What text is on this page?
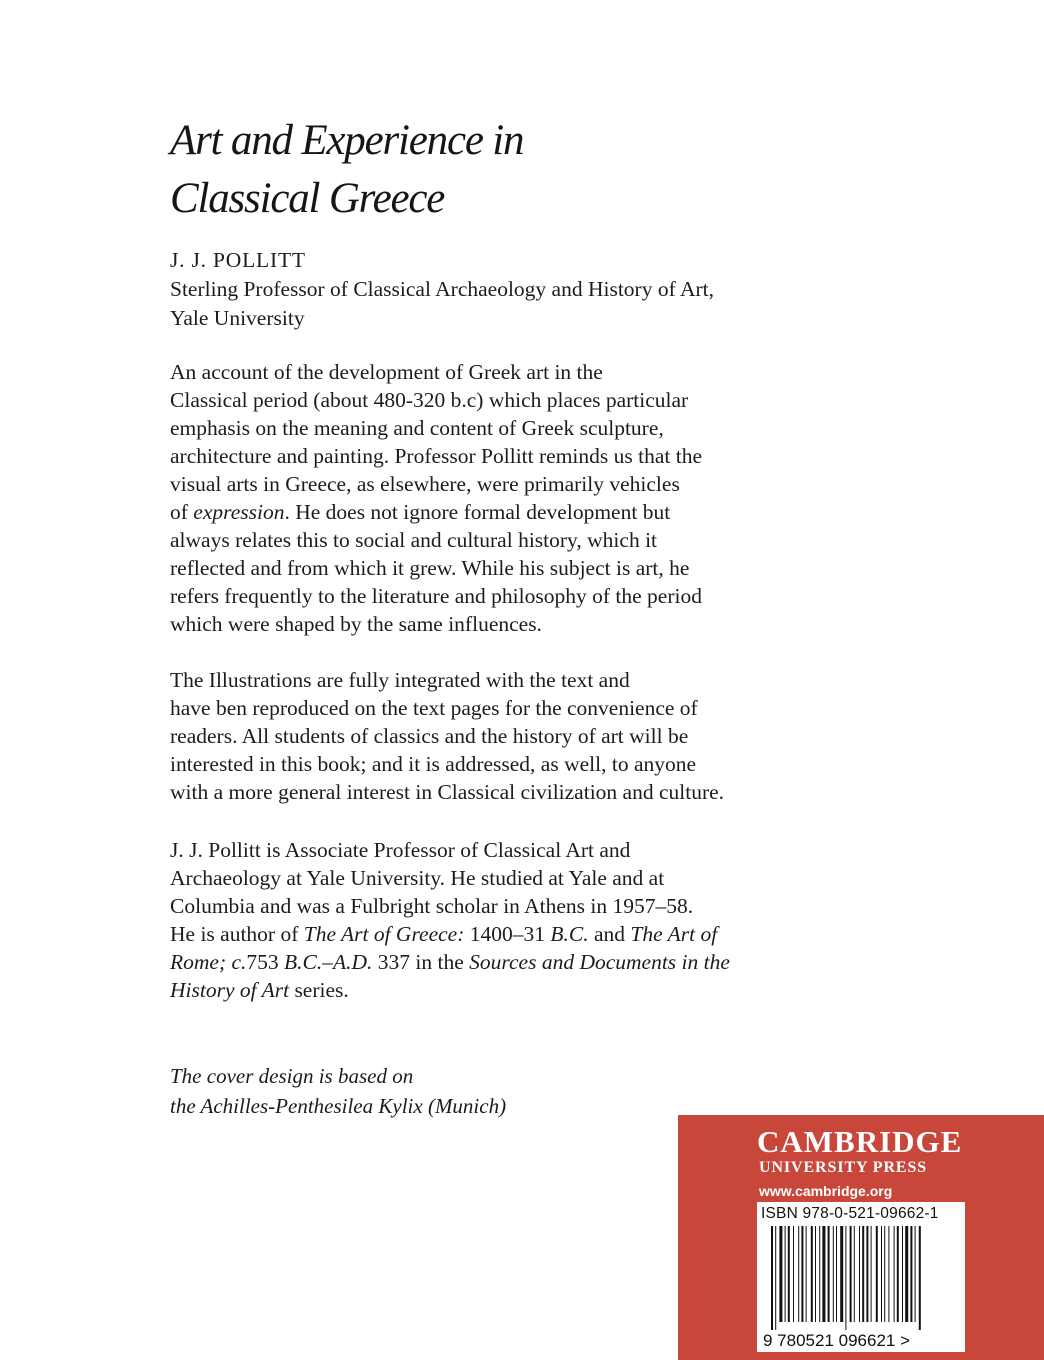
Art and Experience in
Classical Greece
J. J. POLLITT
Sterling Professor of Classical Archaeology and History of Art,
Yale University
An account of the development of Greek art in the
Classical period (about 480-320 b.c) which places particular
emphasis on the meaning and content of Greek sculpture,
architecture and painting. Professor Pollitt reminds us that the
visual arts in Greece, as elsewhere, were primarily vehicles
of expression. He does not ignore formal development but
always relates this to social and cultural history, which it
reflected and from which it grew. While his subject is art, he
refers frequently to the literature and philosophy of the period
which were shaped by the same influences.
The Illustrations are fully integrated with the text and
have ben reproduced on the text pages for the convenience of
readers. All students of classics and the history of art will be
interested in this book; and it is addressed, as well, to anyone
with a more general interest in Classical civilization and culture.
J. J. Pollitt is Associate Professor of Classical Art and
Archaeology at Yale University. He studied at Yale and at
Columbia and was a Fulbright scholar in Athens in 1957–58.
He is author of The Art of Greece: 1400–31 B.C. and The Art of
Rome; c.753 B.C.–A.D. 337 in the Sources and Documents in the
History of Art series.
The cover design is based on
the Achilles-Penthesilea Kylix (Munich)
CAMBRIDGE
UNIVERSITY PRESS
www.cambridge.org
ISBN 978-0-521-09662-1
9 780521 096621 >
